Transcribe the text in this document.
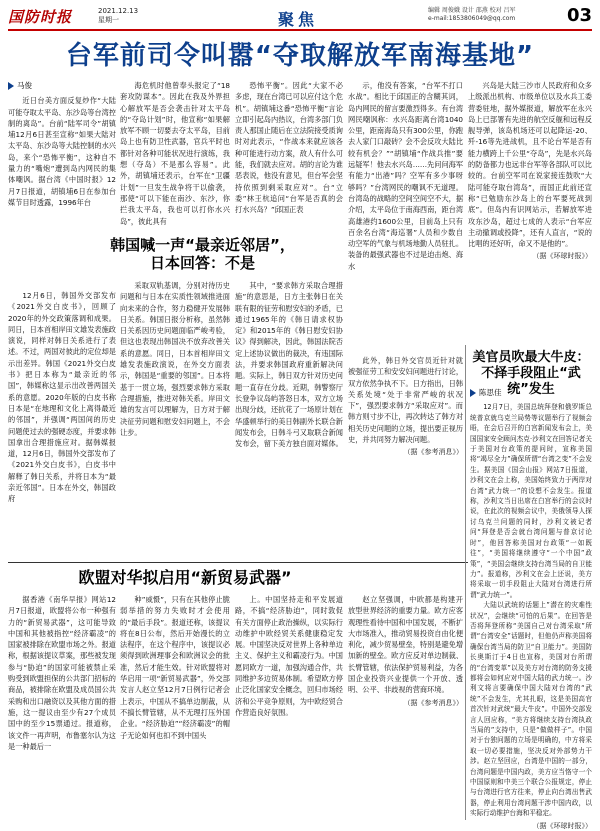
国防时报	2021.12.13
星期一	聚焦	编辑 周俊娥 设计 邵燕 校对 吕军
e-mail:1853806049@qq.com	03
台军前司令叫嚣“夺取解放军南海基地”
马俊

近日台美方面反复炒作“大陆可能夺取太平岛、东沙岛等台湾控制的离岛”。台前“陆军司令”胡镇埔12月6日甚至宣称“如果大陆对太平岛、东沙岛等大陆控制的水兴岛，来个“恐怖平衡”，这种自不量力的“嘴炮”遭到岛内网民的集体嘲讽。据台湾《中国时报》12月7日报道，胡镇埔6日在参加台媒节目时透露，1996年台

海危机时他曾奉头报定了“18套攻防谋本”。因此在我及外界担心解放军是否会袭击针对太平岛的“夺岛计划”时，他宣称“如果解放军不顾一切要去夺太平岛，目前岛上也有防卫性武器，官兵平时也都针对各种可能状况进行演练，我想（夺岛）不是那么容易”。此外，胡镇埔还表示，台军在“卫疆计划”一旦发生战争将干以偷袭，那使“可以下能在南沙、东沙，你拦我太平岛，我也可以打你水兴岛”，彼此具有

恐怖平衡”。因此“大家不必多虑，现在台湾已可以应付这个危机”。胡镇埔这番“恐怖平衡”言论立即引起岛内热议，台湾多部门负责人那国止随后在立法院接受质询时对此表示，“作战本来就应该各种可能进行动方案，敌人有什么可能，我们就去应对。胡的言论为谁恶表说，他没有意见，但台军会坚持依照到剩采取应对”。台“立委”林王杭追问“台军是否真的会打水兴岛？”邱国正表

示，他没有答案，“台军不打口水战”。相比于邱国正的含糊其词，岛内网民的留言要激烈得多。有台湾网民嘲讽称：水兴岛距离台湾1040公里，距南海岛只有300公里，你跑去人家门口敲砖？会不会反攻大陆比较有机会？”“胡镇埔“作战兵推”要远疑军！他去水兴岛……先问问海军有能力“出港”吗？空军有多少事呀够吗？”台湾网民的嘲讽不无道理。台湾岛的战略的空间空间空不大，据介绍，太平岛位于南海西南，距台湾高雄港约1600公里，目前岛上只有百余名台湾“海巡署”人员和少数自动空军的气象与机场地勤人员驻扎。装备的最强武器也不过是迫击炮、海水

兴岛是大陆三沙市人民政府和众多上级派出机构、市级单位以及水兵工委营委驻地，据外媒报道，解放军在永兴岛上已部署有先进的航空反舰和远程反舰导弹，该岛机场还可以起降运-20、歼-16等先进战机，且不论台军是否有能力横跨上千公里“夺岛”，先是水兴岛的防备都力也远非台军等各部队可以比较的。台前空军司在说家接连鼓吹“大陆可能夺取台湾岛”，而国正此前还宣称“已勉励东沙岛上的台军要死战到底”。但岛内有识网站示，若解放军进攻东沙岛，超过七成的人表示“台军应主动撤调或投降”，还有人直言，“说的比唱的还好听，命又不是他的”。

（据《环球时报》）
韩国喊一声“最亲近邻居”，
日本回答：不是

12月6日，韩国外交部发布《2021外交白皮书》，回顾了2020年的外交政策落调和成果。同日，日本首相岸田文雄发表施政演说，同样对韩日关系进行了表述。不过，两国对彼此的定位却是示出差异。韩国《2021外交白皮书》把日本称为“最亲近的邻国”，韩媒称这显示出改善两国关系的意愿。2020年版的白皮书称日本是“在地理和文化上离得最近的邻国”，并强调“两国间的历史问题使过去的强硬态度，并要求韩国拿出合理措施应对。据韩媒报道，12月6日，韩国外交部发布了《2021外交白皮书》，白皮书中解释了韩日关系，并将日本为“最亲近邻国”。日本在外交，韩国政府

采取双轨基调，分别对待历史问题和与日本在实质性领域推进面向未来的合作，努力稳健开发展韩日关系。韩国日报分析称，虽然韩日关系因历史问题面临严峻考验，但这也表现出韩国决不放弃改善关系的意愿。同日，日本首相岸田文雄发表施政演说，在外交方面表示，韩国是“重要的邻国”。日本将基于一贯立场，强烈要求韩方采取合理措施，推进对韩关系。岸田文雄的发言可以理解为，日方对于解决征劳问题和慰安妇问题上，不会让步。

其中，“要求韩方采取合理措施”的意思是，日方主张韩日在关联有限的征劳和慰安妇的矛盾，已通过1965年的《韩日请求权协定》和2015年的《韩日慰安妇协议》得到解决，因此，韩国法院否定上述协议做出的裁决，有违国际法，并要求韩国政府重新解决问题。实际上，韩日双方针对历史问题一直存在分歧。近期，韩警察厅长登争议岛屿答怒日本，双方立场出现分歧，还抗花了一场原计划在华盛顿举行的美日韩副外长联合新闻发布会，日韩斗弓又取联合新闻发布会，留下美方独自面对媒体。

此外，韩日外交官员近针对就被强征劳工和安安妇问题进行讨论，双方依然争执不下。日方指出，日韩关系处境“处于非常严峻的状况下”，强烈要求韩方“采取应对”。而韩方则寸步不让，再次转达了韩方对相关历史问题的立场，提出要正视历史，并共同努力解决问题。

（据《参考消息》）
欧盟对华拟启用“新贸易武器”

据香港《南华早报》网站12月7日报道，欧盟将公布一种强有力的“新贸易武器”，这可能导致中国和其他被指控“经济霸凌”的国家被排除在欧盟市场之外。报道称，根据该提议草案，那些被发现参与“胁迫”的国家可能被禁止采购受到欧盟担保的公共部门招标的商品，被排除在欧盟及成员国公共采购和出口融资以及其他方面的措施，这一提议由至少有27个成员国中的至少15票通过。报道称，该文件一再声明，布鲁塞尔认为这是一种最后一

种”威慑”，只有在其他停止脆弱举措的努力失败时才会使用的“最后手段”。报道还称，该提议将在8日公布，然后开始漫长的立法程序，在这个程序中，该提议必须得到欧洲理事会和欧洲议会的批准，然后才能生效。针对欧盟将对华启用一项“新贸易武器”，外交部发言人赵立坚12月7日例行记者会上表示，中国从不搞单边制裁，从不搞长臂管辖，从不无理打压外国企业。“经济胁迫”“经济霸凌”的帽子无论如何也扣不到中国头

上。中国坚持走和平发展道路，不搞“经济胁迫”，同时敦促有关方面停止政治操纵，以实际行动维护中欧经贸关系健康稳定发展。中国坚决反对世界上各种单边主义、保护主义和霸凌行为。中国愿同欧方一道，加强沟通合作，共同维护多边贸易体制。希望欧方停止泛化国家安全概念，回归市场经济和公平竞争原则，为中欧经贸合作营造良好氛围。

赵立坚强调，中欧都是构建开放型世界经济的重要力量。欧方应客观理性看待中国和中国发展，不断扩大市场准入，推动贸易投资自由化便利化，减少贸易壁垒，特别是避免增加新的壁垒。欧方应反对单边制裁、长臂管辖，依法保护贸易利益，为各国企业投资兴业提供一个开放、透明、公平、非歧视的营商环境。

（据《参考消息》）
美官员吹最大牛皮：
不择手段阻止“武统”发生
陈思佳

12月7日，美国总统拜登和俄罗斯总统普京就乌克兰局势等议题举行了视频会晤，在会后召开的白宫新闻发布会上，美国国家安全顾问杰克·沙利文在回答记者关于美国对台政策的提问时，宣称美国将“竭尽全力”确保所谓“台湾之变”不会发生。据美国《国会山报》网站7日报道，沙利文在会上称，美国始终致力于两岸对台湾“武力统一”的设想不会发生。报道称，沙利文当日出席在白宫举行的会议时说，在此次的视频会议中，美俄领导人探讨乌克兰问题的同时，沙利文被记者问“拜登是否会就台湾问题与普京讨论时”，他回答称美国对台政策“一如既往”，“美国将继续遵守“一个中国”政策”，“美国会继续支持台湾当局的自卫能力”。报道称，沙利文在会上还说，美方将采取一切手段阻止大陆对台湾进行所谓“武力统一”。

大陆以武统的话题上”潜在的灾难性状况”，会继续“可怕的后果”。在回答是否将拜登所称“美国自己对台湾采取”所谓“台湾安全”话题时，但他仍声称美国将确保台湾当局的防卫“自卫能力”。美国防长奥斯汀于4日也宣称，美国对台所谓的“台湾变革”以及美方对台湾的防务支援都将会如何应对中国大陆的武力统一。沙利文将言要确保中国大陆对台湾的“武统”不会发生，尤其扎眼，这是美国高官首次针对武统“最大牛皮”。中国外交部发言人回应称，“美方将继续支持台湾执政当局的”支持中，只是“做做样子”。中国对于台独问题的立场是明确的，中方将采取一切必要措施，坚决反对外部势力干涉。赵立坚回应，台湾是中国的一部分，台湾问题是中国内政，美方应当恪守一个中国原则和中美三个联合公报规定，停止与台湾进行官方往来，停止向台湾出售武器，停止利用台湾问题干涉中国内政，以实际行动维护台海和平稳定。

（据《环球时报》）
